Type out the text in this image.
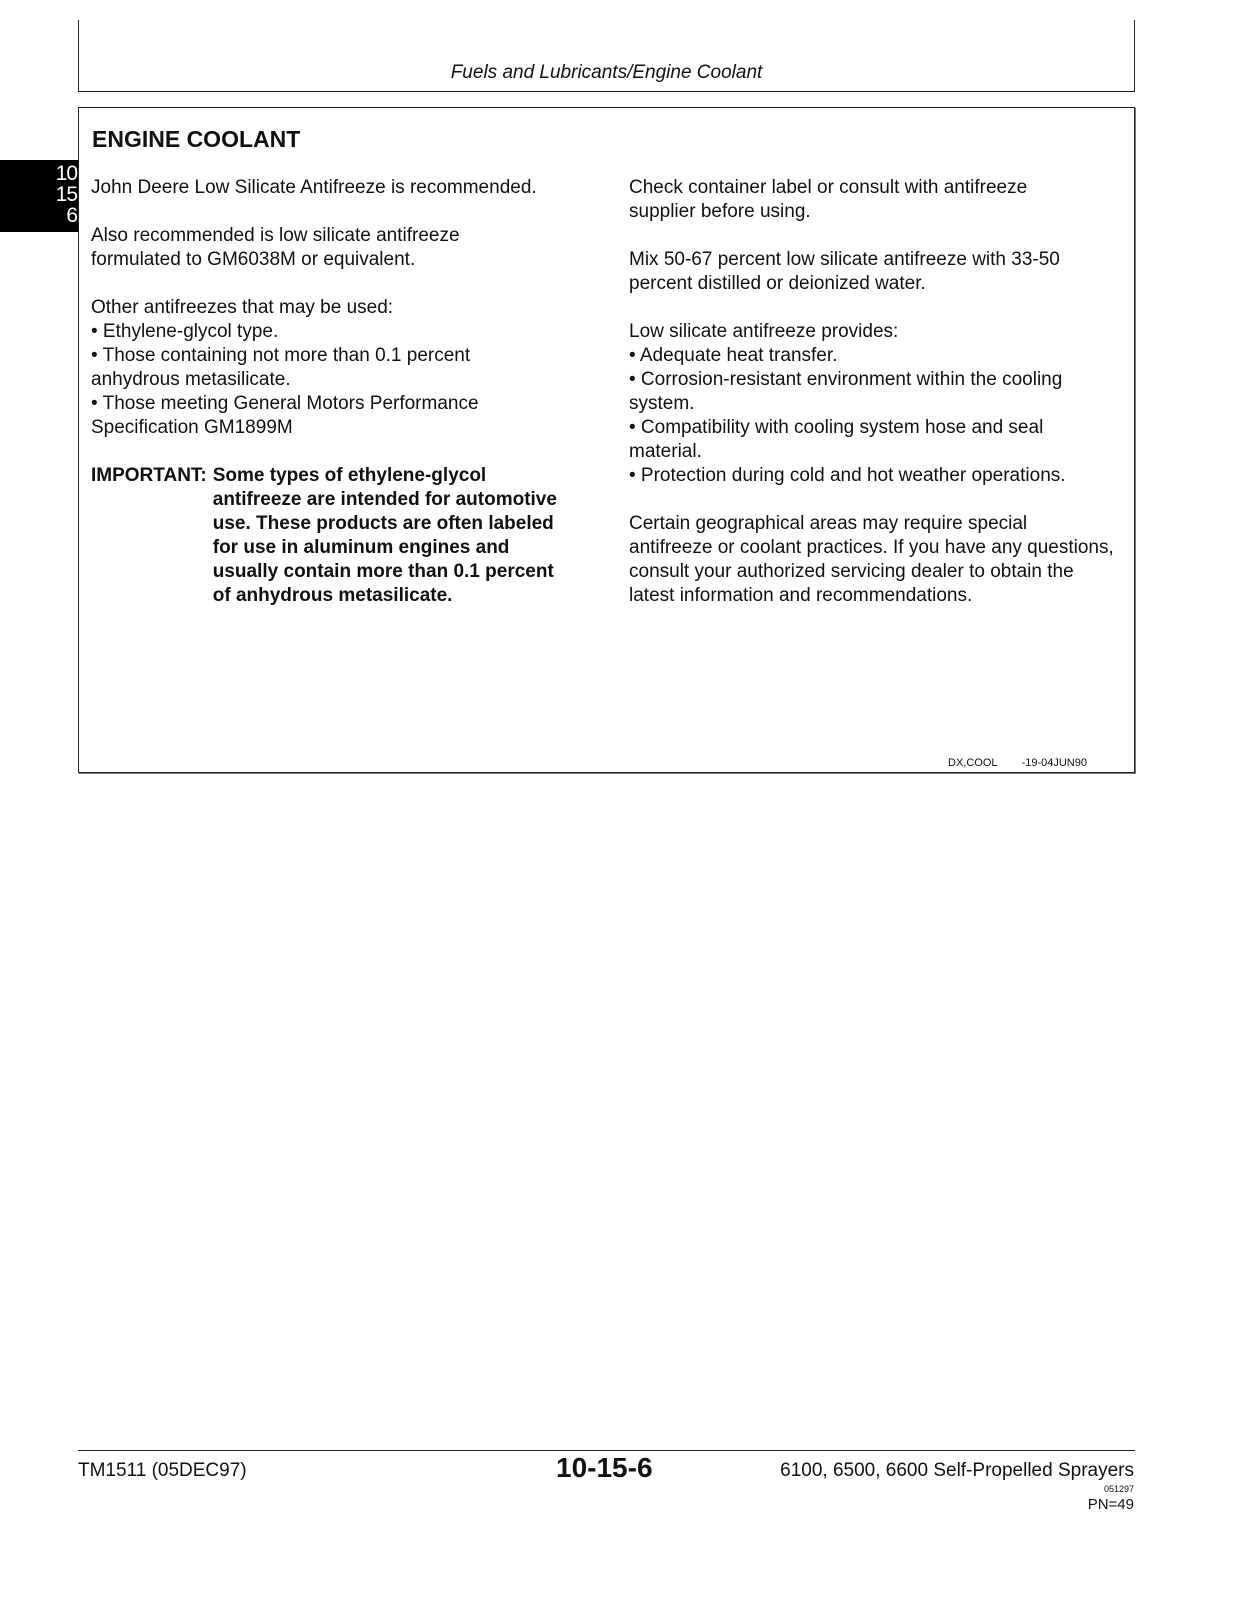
Fuels and Lubricants/Engine Coolant
10
15
6
ENGINE COOLANT

John Deere Low Silicate Antifreeze is recommended.

Also recommended is low silicate antifreeze
formulated to GM6038M or equivalent.

Other antifreezes that may be used:
• Ethylene-glycol type.
• Those containing not more than 0.1 percent anhydrous metasilicate.
• Those meeting General Motors Performance Specification GM1899M

IMPORTANT: Some types of ethylene-glycol antifreeze are intended for automotive use. These products are often labeled for use in aluminum engines and usually contain more than 0.1 percent of anhydrous metasilicate.

Check container label or consult with antifreeze supplier before using.

Mix 50-67 percent low silicate antifreeze with 33-50 percent distilled or deionized water.

Low silicate antifreeze provides:
• Adequate heat transfer.
• Corrosion-resistant environment within the cooling system.
• Compatibility with cooling system hose and seal material.
• Protection during cold and hot weather operations.

Certain geographical areas may require special antifreeze or coolant practices. If you have any questions, consult your authorized servicing dealer to obtain the latest information and recommendations.

DX,COOL        -19-04JUN90
TM1511 (05DEC97)	10-15-6	6100, 6500, 6600 Self-Propelled Sprayers
051297
PN=49
